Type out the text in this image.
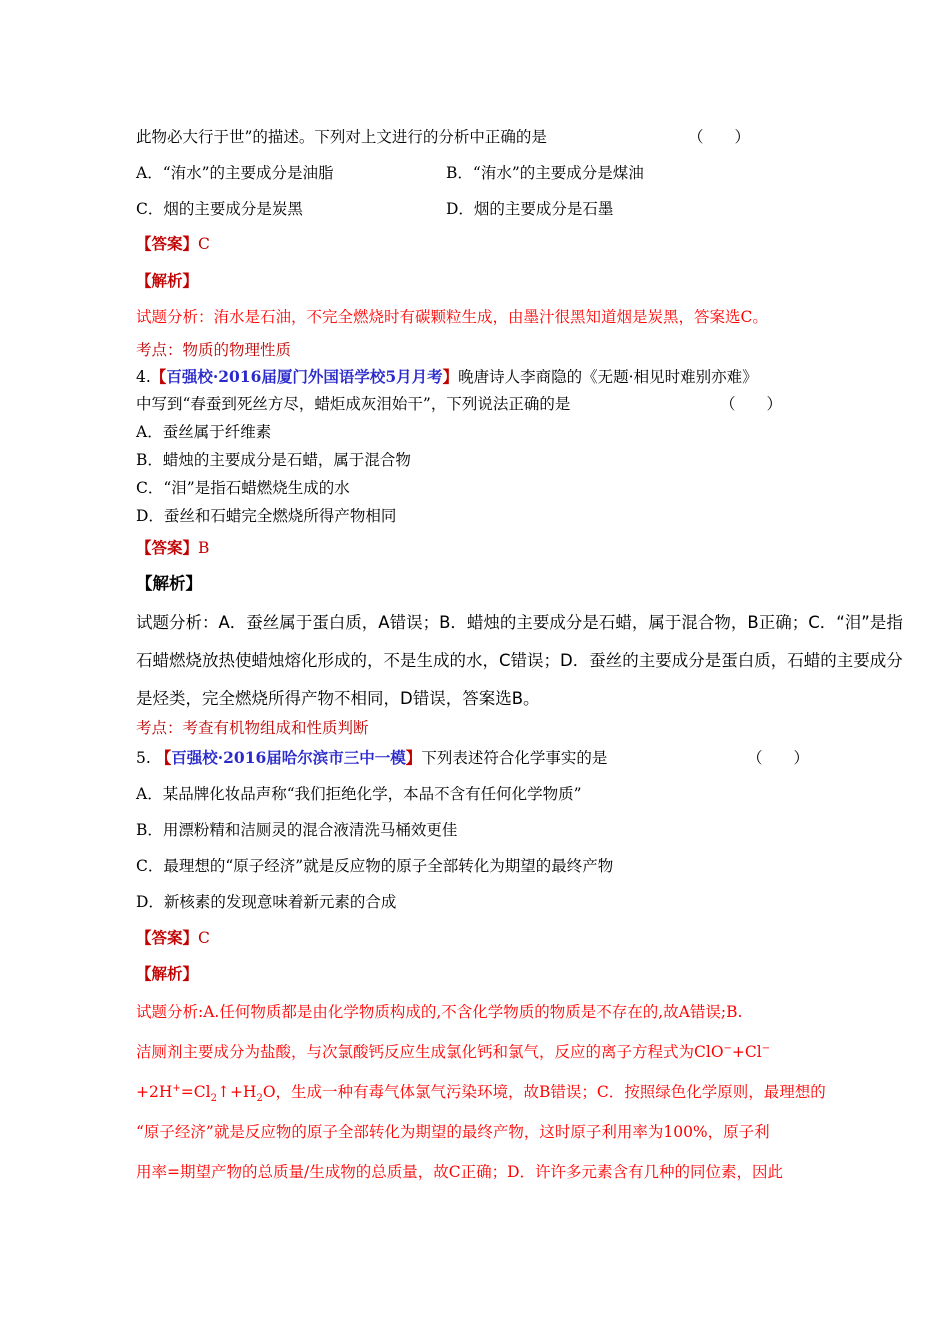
此物必大行于世”的描述。下列对上文进行的分析中正确的是	（　　）
A．“洧水”的主要成分是油脂	B．“洧水”的主要成分是煤油
C．烟的主要成分是炭黑	D．烟的主要成分是石墨
【答案】C
【解析】
试题分析：洧水是石油，不完全燃烧时有碳颗粒生成，由墨汁很黑知道烟是炭黑，答案选C。
考点：物质的物理性质
4.【百强校·2016届厦门外国语学校5月月考】晚唐诗人李商隐的《无题·相见时难别亦难》
中写到“春蚕到死丝方尽，蜡炬成灰泪始干”，下列说法正确的是	（　　）
A．蚕丝属于纤维素
B．蜡烛的主要成分是石蜡，属于混合物
C．“泪”是指石蜡燃烧生成的水
D．蚕丝和石蜡完全燃烧所得产物相同
【答案】B
【解析】
试题分析：A．蚕丝属于蛋白质，A错误；B．蜡烛的主要成分是石蜡，属于混合物，B正确；C．“泪”是指
石蜡燃烧放热使蜡烛熔化形成的，不是生成的水，C错误；D．蚕丝的主要成分是蛋白质，石蜡的主要成分
是烃类，完全燃烧所得产物不相同，D错误，答案选B。
考点：考查有机物组成和性质判断
5. 【百强校·2016届哈尔滨市三中一模】下列表述符合化学事实的是	（　　）
A．某品牌化妆品声称“我们拒绝化学，本品不含有任何化学物质”
B．用漂粉精和洁厕灵的混合液清洗马桶效更佳
C．最理想的“原子经济”就是反应物的原子全部转化为期望的最终产物
D．新核素的发现意味着新元素的合成
【答案】C
【解析】
试题分析:A.任何物质都是由化学物质构成的,不含化学物质的物质是不存在的,故A错误;B.
洁厕剂主要成分为盐酸，与次氯酸钙反应生成氯化钙和氯气，反应的离子方程式为ClO−+Cl−
$+2H^+=Cl_2↑+H_2O$，生成一种有毒气体氯气污染环境，故B错误；C．按照绿色化学原则，最理想的
“原子经济”就是反应物的原子全部转化为期望的最终产物，这时原子利用率为100%，原子利
用率=期望产物的总质量/生成物的总质量，故C正确；D．许许多元素含有几种的同位素，因此
